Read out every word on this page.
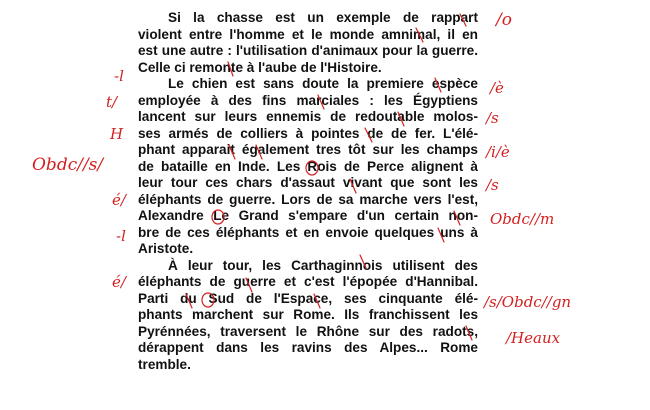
Si la chasse est un exemple de rappart
violent entre l'homme et le monde amnimal, il en
est une autre : l'utilisation d'animaux pour la guerre.
Celle ci remonte à l'aube de l'Histoire.
Le chien est sans doute la premiere espèce
employée à des fins marciales : les Égyptiens
lancent sur leurs ennemis de redoutable molos-
ses armés de colliers à pointes de de fer. L'élé-
phant apparait également tres tôt sur les champs
de bataille en Inde. Les Rois de Perce alignent à
leur tour ces chars d'assaut vivant que sont les
éléphants de guerre. Lors de sa marche vers l'est,
Alexandre Le Grand s'empare d'un certain non-
bre de ces éléphants et en envoie quelques uns à
Aristote.
À leur tour, les Carthaginnois utilisent des
éléphants de guerre et c'est l'épopée d'Hannibal.
Parti du Sud de l'Espace, ses cinquante élé-
phants marchent sur Rome. Ils franchissent les
Pyrénnées, traversent le Rhône sur des radots,
dérappent dans les ravins des Alpes... Rome
tremble.
-l
t/
H
Obdc//s/
é/
-l
é/
/o
/è
/s
/i/è
/s
Obdc//m
/s/Obdc//gn
/Heaux
